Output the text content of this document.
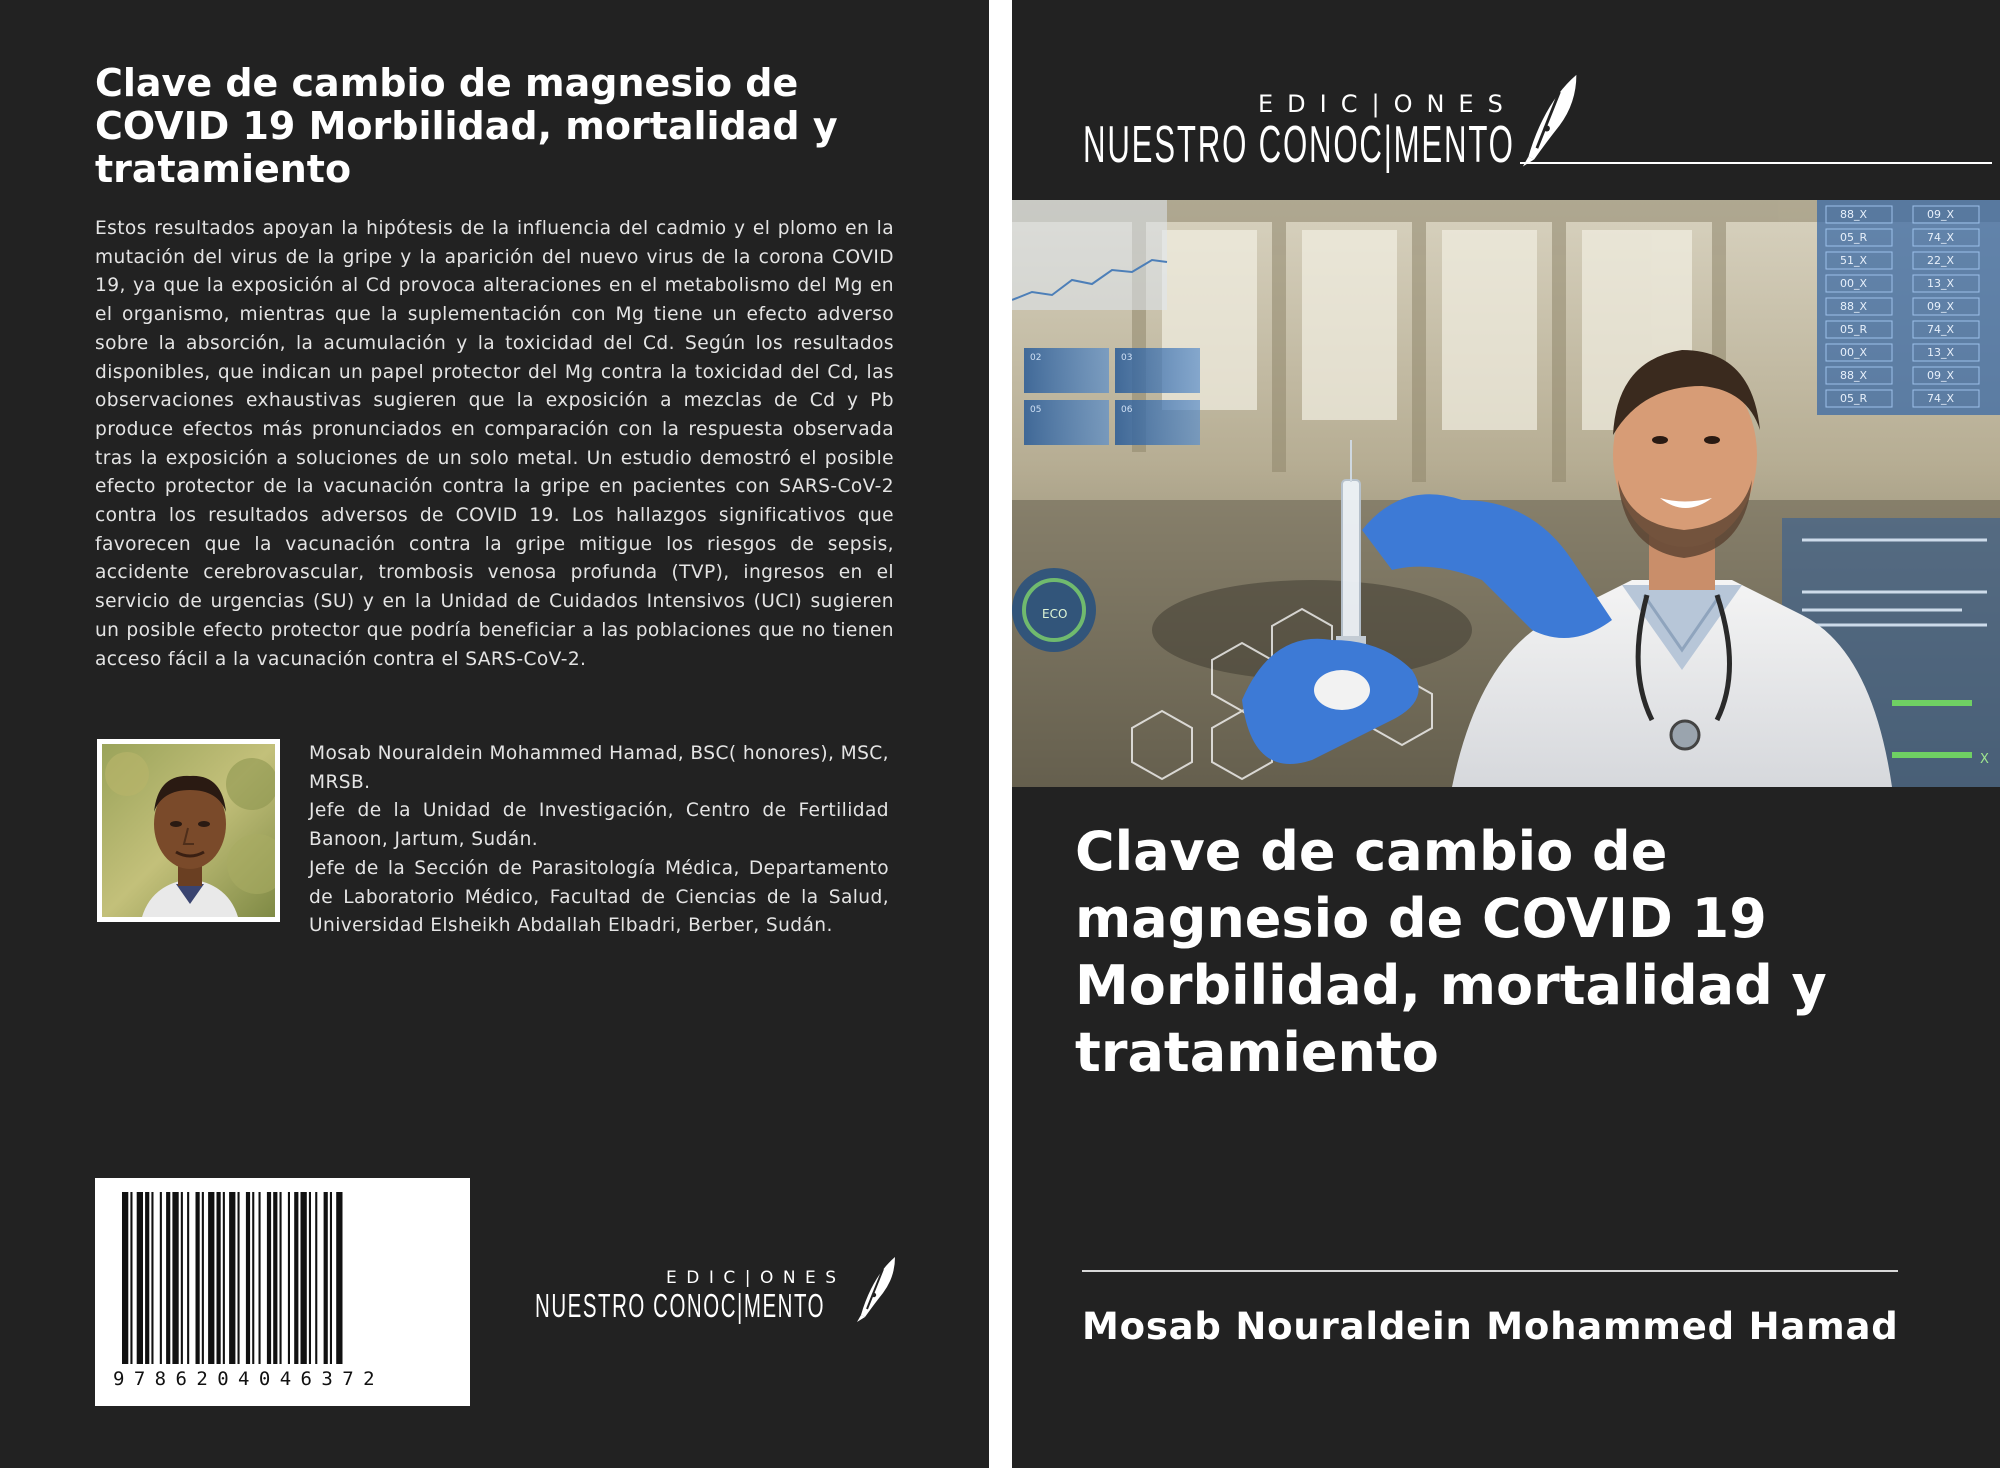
Clave de cambio de magnesio de COVID 19 Morbilidad, mortalidad y tratamiento
Estos resultados apoyan la hipótesis de la influencia del cadmio y el plomo en la mutación del virus de la gripe y la aparición del nuevo virus de la corona COVID 19, ya que la exposición al Cd provoca alteraciones en el metabolismo del Mg en el organismo, mientras que la suplementación con Mg tiene un efecto adverso sobre la absorción, la acumulación y la toxicidad del Cd. Según los resultados disponibles, que indican un papel protector del Mg contra la toxicidad del Cd, las observaciones exhaustivas sugieren que la exposición a mezclas de Cd y Pb produce efectos más pronunciados en comparación con la respuesta observada tras la exposición a soluciones de un solo metal. Un estudio demostró el posible efecto protector de la vacunación contra la gripe en pacientes con SARS-CoV-2 contra los resultados adversos de COVID 19. Los hallazgos significativos que favorecen que la vacunación contra la gripe mitigue los riesgos de sepsis, accidente cerebrovascular, trombosis venosa profunda (TVP), ingresos en el servicio de urgencias (SU) y en la Unidad de Cuidados Intensivos (UCI) sugieren un posible efecto protector que podría beneficiar a las poblaciones que no tienen acceso fácil a la vacunación contra el SARS-CoV-2.

Mosab Nouraldein Mohammed Hamad, BSC( honores), MSC, MRSB.

Jefe de la Unidad de Investigación, Centro de Fertilidad Banoon, Jartum, Sudán.

Jefe de la Sección de Parasitología Médica, Departamento de Laboratorio Médico, Facultad de Ciencias de la Salud, Universidad Elsheikh Abdallah Elbadri, Berber, Sudán.

9786204046372
EDIC|ONES
NUESTRO CONOC|MENTO
EDIC|ONES
NUESTRO CONOC|MENTO
02	03
05	06
ECO
88_X	09_X
05_R	74_X
51_X	22_X
00_X	13_X
88_X	09_X
05_R	74_X
00_X	13_X
88_X	09_X
05_R	74_X
X
Clave de cambio de magnesio de COVID 19 Morbilidad, mortalidad y tratamiento
Mosab Nouraldein Mohammed Hamad
